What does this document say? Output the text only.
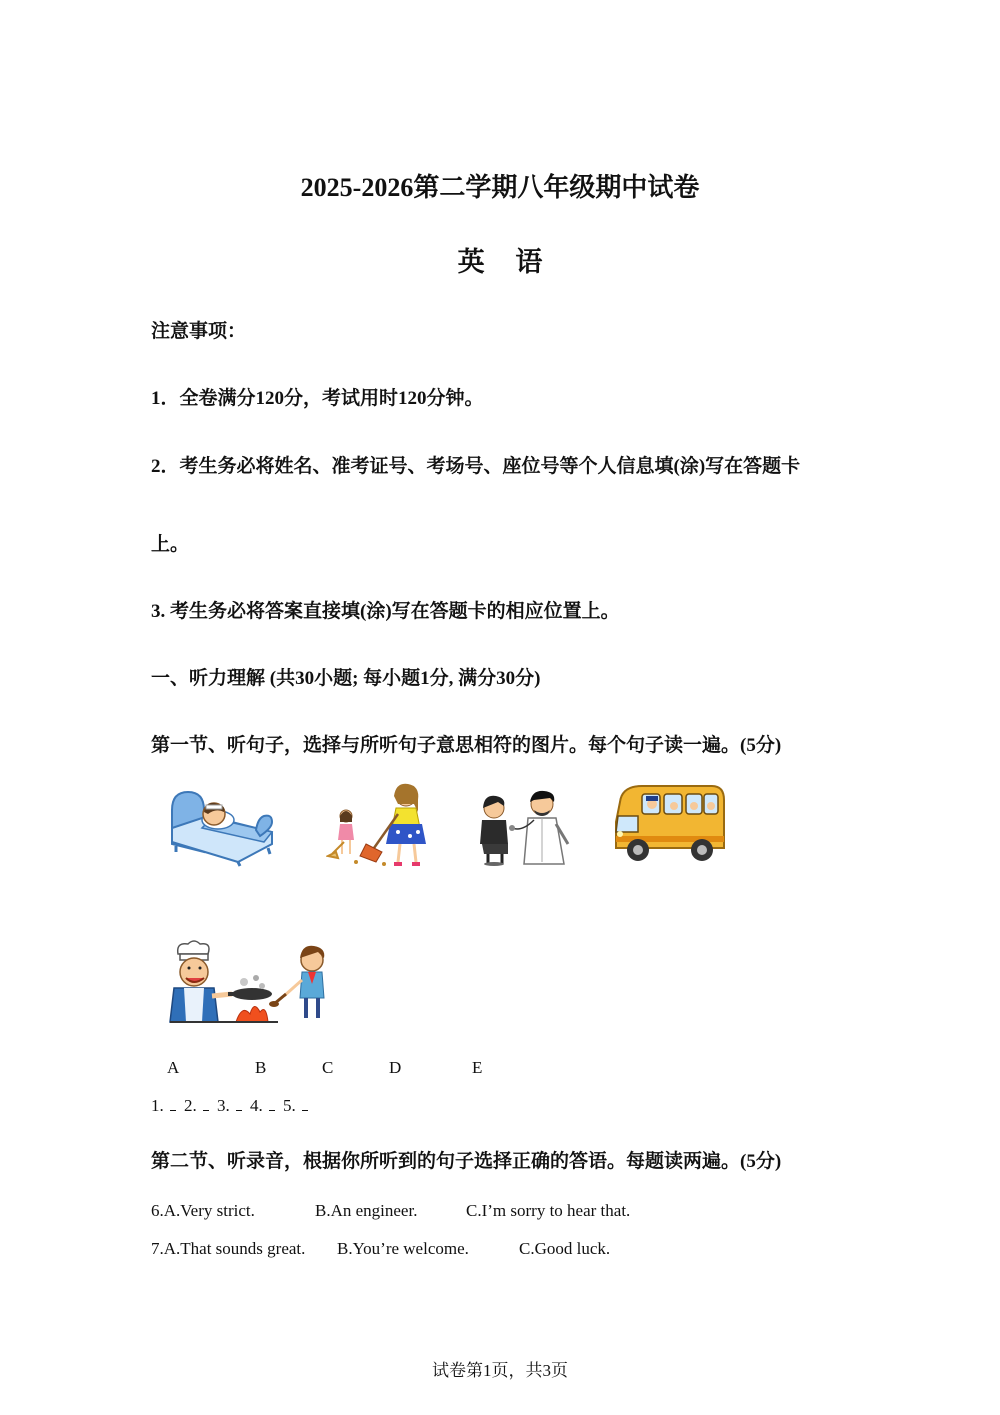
2025-2026第二学期八年级期中试卷
英 语
注意事项：
1．全卷满分120分，考试用时120分钟。
2．考生务必将姓名、准考证号、考场号、座位号等个人信息填(涂)写在答题卡
上。
3. 考生务必将答案直接填(涂)写在答题卡的相应位置上。
一、听力理解 (共30小题; 每小题1分, 满分30分)
第一节、听句子，选择与所听句子意思相符的图片。每个句子读一遍。(5分)
A	B	C	D	E
1. 2. 3. 4. 5.
第二节、听录音，根据你所听到的句子选择正确的答语。每题读两遍。(5分)
6.A.Very strict.	B.An engineer.	C.I’m sorry to hear that.
7.A.That sounds great. B.You’re welcome.	C.Good luck.
试卷第1页，共3页
